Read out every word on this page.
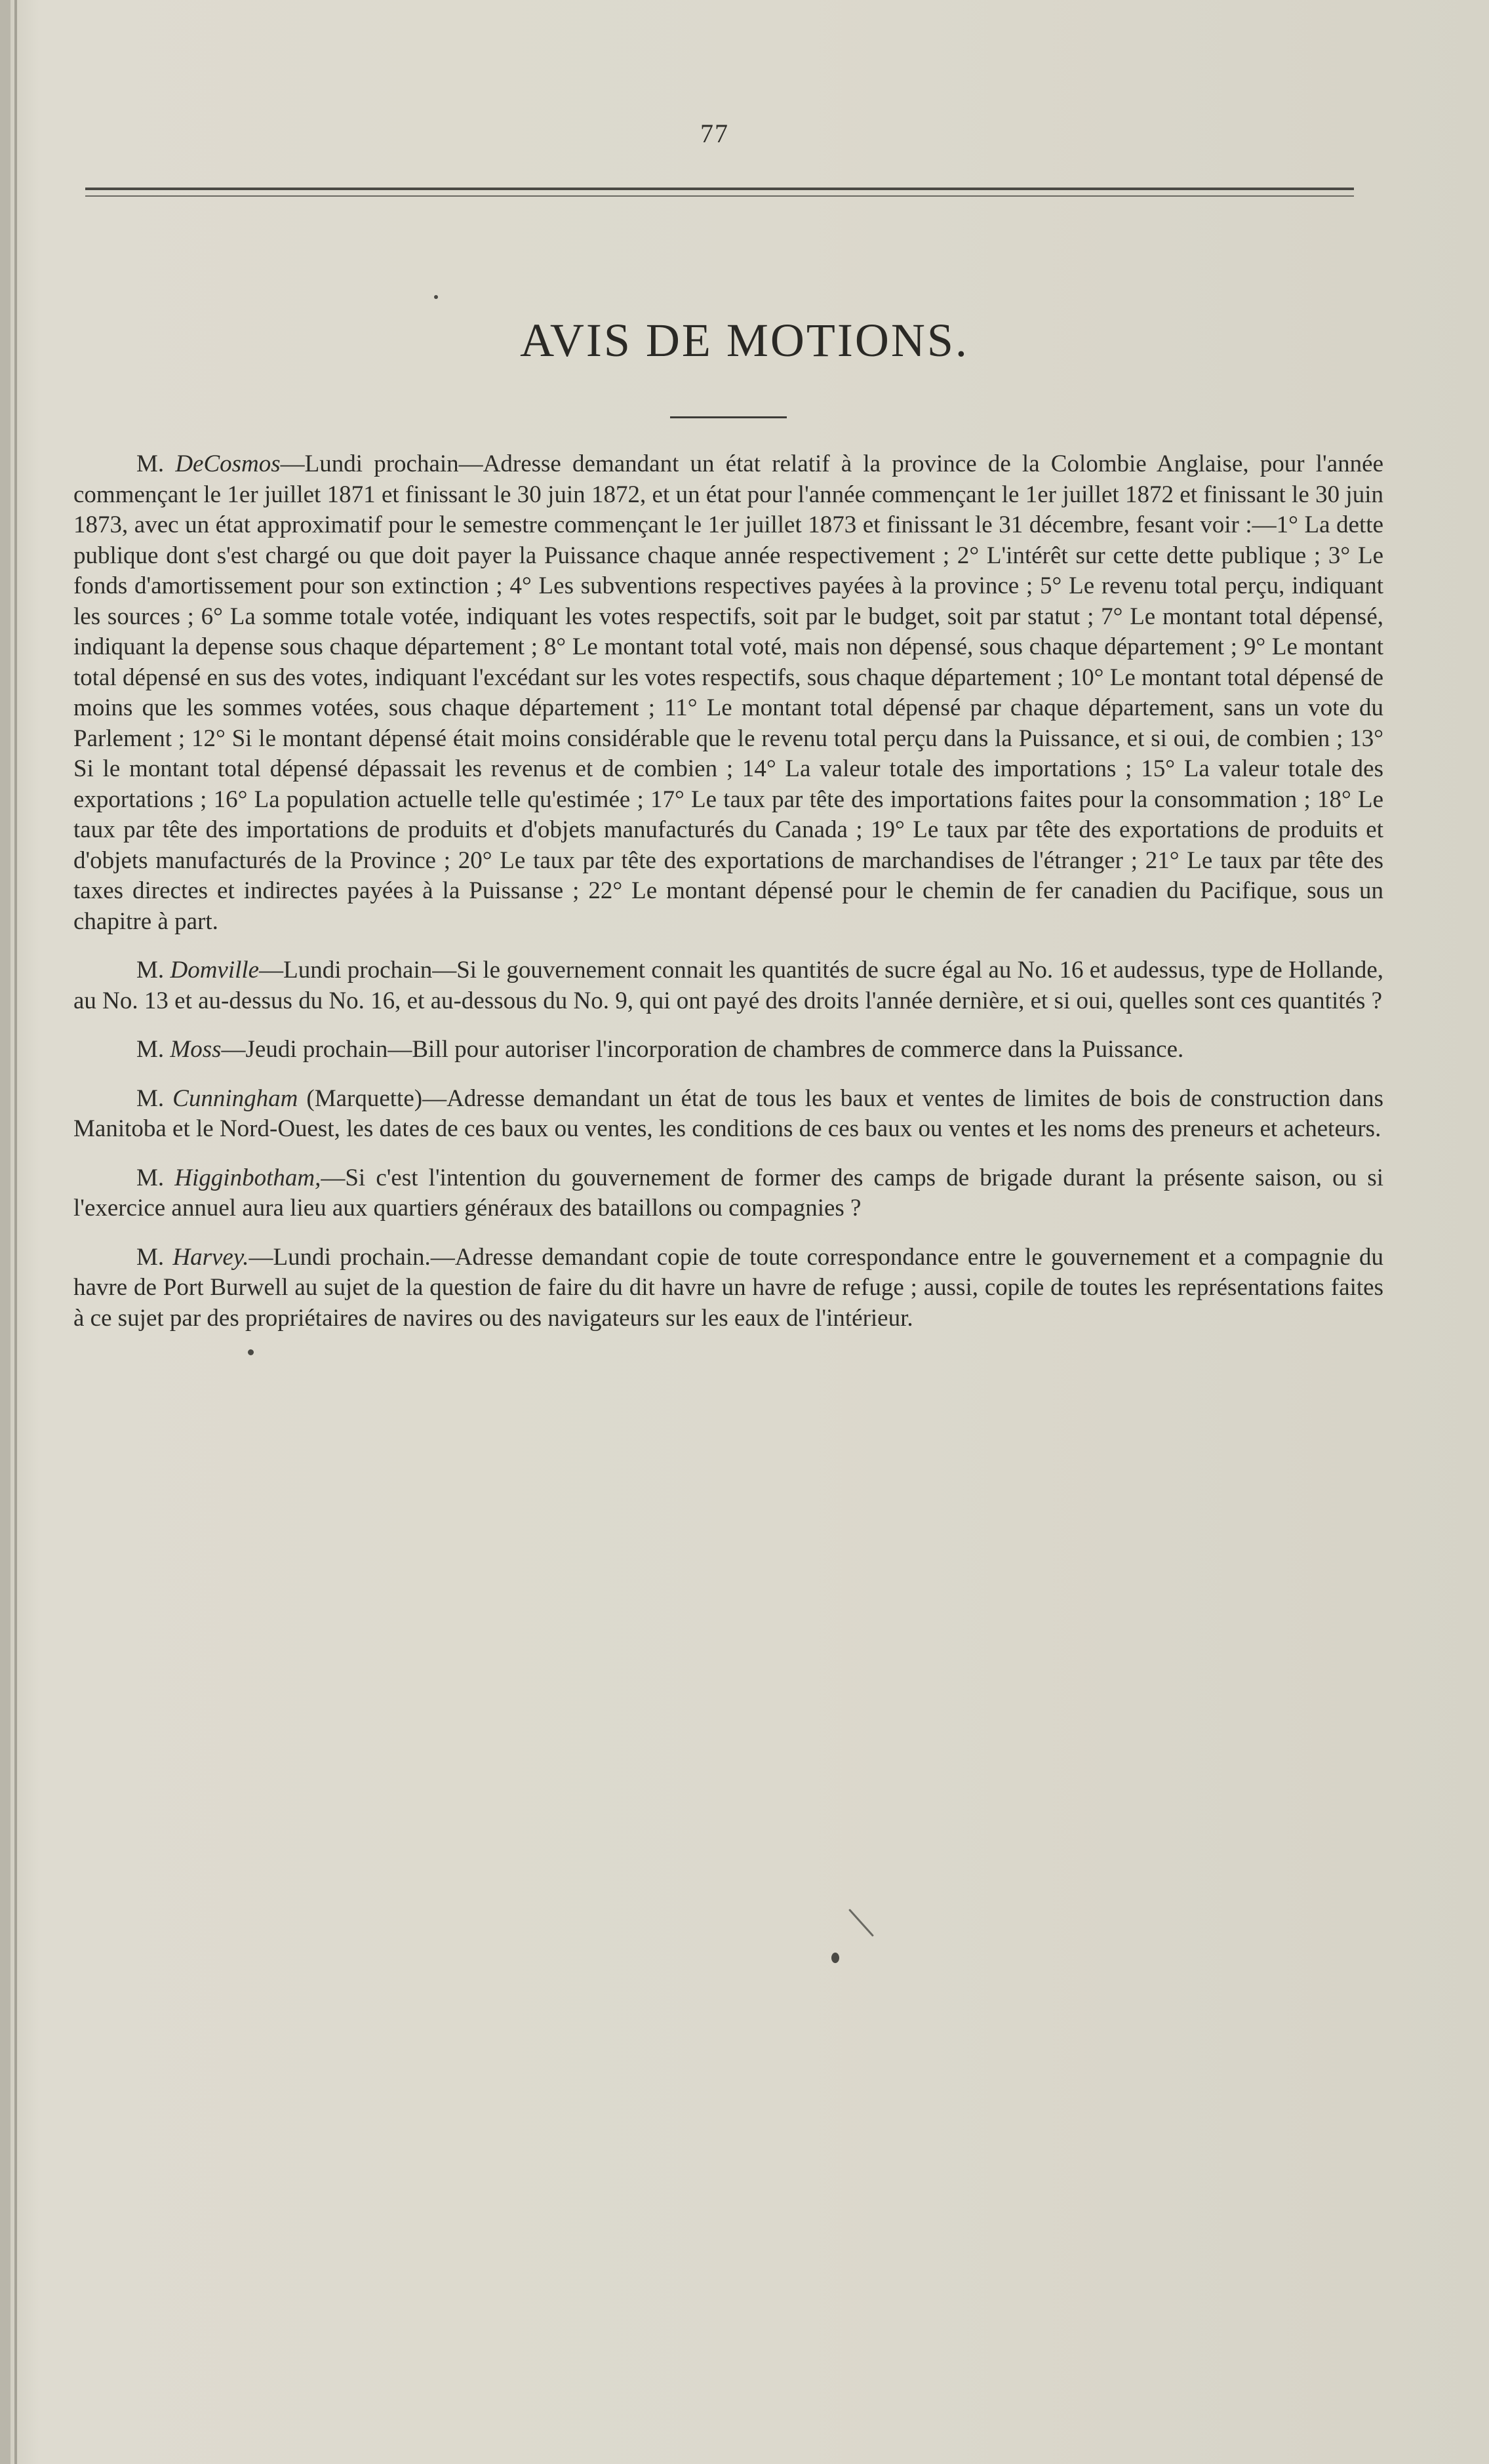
77
AVIS DE MOTIONS.

M. DeCosmos—Lundi prochain—Adresse demandant un état relatif à la province de la Colombie Anglaise, pour l'année commençant le 1er juillet 1871 et finissant le 30 juin 1872, et un état pour l'année commençant le 1er juillet 1872 et finissant le 30 juin 1873, avec un état approximatif pour le semestre commençant le 1er juillet 1873 et finissant le 31 décembre, fesant voir :—1° La dette publique dont s'est chargé ou que doit payer la Puissance chaque année respectivement ; 2° L'intérêt sur cette dette publique ; 3° Le fonds d'amortissement pour son extinction ; 4° Les subventions respectives payées à la province ; 5° Le revenu total perçu, indiquant les sources ; 6° La somme totale votée, indiquant les votes respectifs, soit par le budget, soit par statut ; 7° Le montant total dépensé, indiquant la depense sous chaque département ; 8° Le montant total voté, mais non dépensé, sous chaque département ; 9° Le montant total dépensé en sus des votes, indiquant l'excédant sur les votes respectifs, sous chaque département ; 10° Le montant total dépensé de moins que les sommes votées, sous chaque département ; 11° Le montant total dépensé par chaque département, sans un vote du Parlement ; 12° Si le montant dépensé était moins considérable que le revenu total perçu dans la Puissance, et si oui, de combien ; 13° Si le montant total dépensé dépassait les revenus et de combien ; 14° La valeur totale des importations ; 15° La valeur totale des exportations ; 16° La population actuelle telle qu'estimée ; 17° Le taux par tête des importations faites pour la consommation ; 18° Le taux par tête des importations de produits et d'objets manufacturés du Canada ; 19° Le taux par tête des exportations de produits et d'objets manufacturés de la Province ; 20° Le taux par tête des exportations de marchandises de l'étranger ; 21° Le taux par tête des taxes directes et indirectes payées à la Puissanse ; 22° Le montant dépensé pour le chemin de fer canadien du Pacifique, sous un chapitre à part.

M. Domville—Lundi prochain—Si le gouvernement connait les quantités de sucre égal au No. 16 et audessus, type de Hollande, au No. 13 et au-dessus du No. 16, et au-dessous du No. 9, qui ont payé des droits l'année dernière, et si oui, quelles sont ces quantités ?

M. Moss—Jeudi prochain—Bill pour autoriser l'incorporation de chambres de commerce dans la Puissance.

M. Cunningham (Marquette)—Adresse demandant un état de tous les baux et ventes de limites de bois de construction dans Manitoba et le Nord-Ouest, les dates de ces baux ou ventes, les conditions de ces baux ou ventes et les noms des preneurs et acheteurs.

M. Higginbotham,—Si c'est l'intention du gouvernement de former des camps de brigade durant la présente saison, ou si l'exercice annuel aura lieu aux quartiers généraux des bataillons ou compagnies ?

M. Harvey.—Lundi prochain.—Adresse demandant copie de toute correspondance entre le gouvernement et a compagnie du havre de Port Burwell au sujet de la question de faire du dit havre un havre de refuge ; aussi, copile de toutes les représentations faites à ce sujet par des propriétaires de navires ou des navigateurs sur les eaux de l'intérieur.
